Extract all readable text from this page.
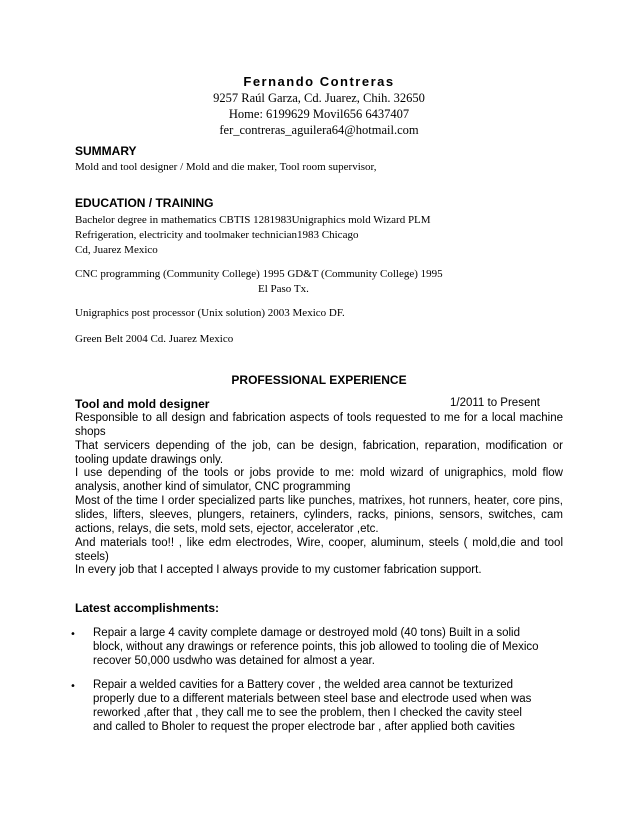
Fernando Contreras
9257 Raúl Garza, Cd. Juarez, Chih. 32650
Home: 6199629 Movil656 6437407
fer_contreras_aguilera64@hotmail.com
SUMMARY
Mold and tool designer / Mold and die maker, Tool room supervisor,
EDUCATION / TRAINING
Bachelor degree in mathematics CBTIS 1281983Unigraphics mold Wizard PLM
Refrigeration, electricity and toolmaker technician1983 Chicago
Cd, Juarez Mexico
CNC programming (Community College) 1995 GD&T (Community College) 1995
El Paso Tx.
Unigraphics post processor (Unix solution) 2003 Mexico DF.
Green Belt 2004 Cd. Juarez Mexico
PROFESSIONAL EXPERIENCE
Tool and mold designer	1/2011 to Present
Responsible to all design and fabrication aspects of tools requested to me for a local machine
shops
That servicers depending of the job, can be design, fabrication, reparation, modification or
tooling update drawings only.
I use depending of the tools or jobs provide to me: mold wizard of unigraphics, mold flow
analysis, another kind of simulator, CNC programming
Most of the time I order specialized parts like punches, matrixes, hot runners, heater, core pins,
slides, lifters, sleeves, plungers, retainers, cylinders, racks, pinions, sensors, switches, cam
actions, relays, die sets, mold sets, ejector, accelerator ,etc.
And materials too!! , like edm electrodes, Wire, cooper, aluminum, steels ( mold,die and tool
steels)
In every job that I accepted I always provide to my customer fabrication support.
Latest accomplishments:
• Repair a large 4 cavity complete damage or destroyed mold (40 tons) Built in a solid
block, without any drawings or reference points, this job allowed to tooling die of Mexico
recover 50,000 usdwho was detained for almost a year.
• Repair a welded cavities for a Battery cover , the welded area cannot be texturized
properly due to a different materials between steel base and electrode used when was
reworked ,after that , they call me to see the problem, then I checked the cavity steel
and called to Bholer to request the proper electrode bar , after applied both cavities
